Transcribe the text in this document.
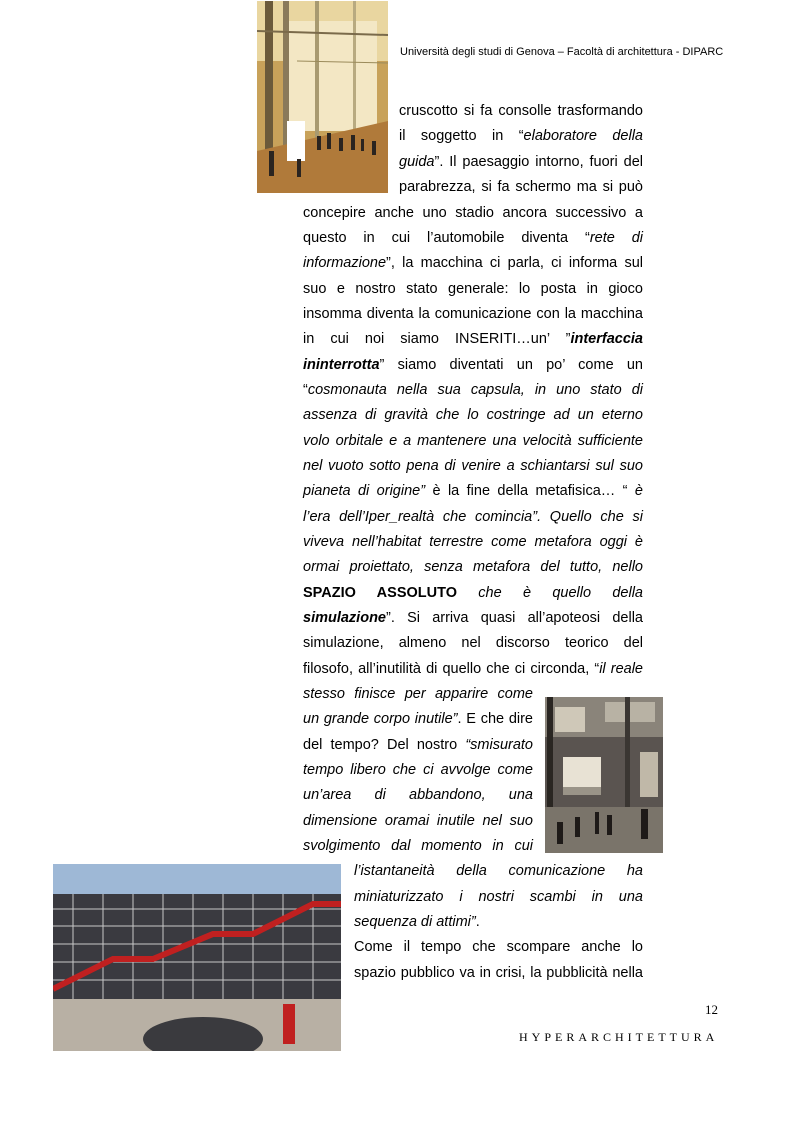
Università degli studi di Genova – Facoltà di architettura - DIPARC
cruscotto si fa consolle trasformando
il soggetto in “elaboratore della
guida”. Il paesaggio intorno, fuori del
parabrezza, si fa schermo ma si può
concepire anche uno stadio ancora successivo a
questo in cui l’automobile diventa “rete di
informazione”, la macchina ci parla, ci informa sul
suo e nostro stato generale: lo posta in gioco
insomma diventa la comunicazione con la macchina
in cui noi siamo INSERITI…un’ ”interfaccia
ininterrotta” siamo diventati un po’ come un
“cosmonauta nella sua capsula, in uno stato di
assenza di gravità che lo costringe ad un eterno
volo orbitale e a mantenere una velocità sufficiente
nel vuoto sotto pena di venire a schiantarsi sul suo
pianeta di origine” è la fine della metafisica… “ è
l’era dell’Iper_realtà che comincia”. Quello che si
viveva nell’habitat terrestre come metafora oggi è
ormai proiettato, senza metafora del tutto, nello
SPAZIO ASSOLUTO che è quello della
simulazione”. Si arriva quasi all’apoteosi della
simulazione, almeno nel discorso teorico del
filosofo, all’inutilità di quello che ci circonda, “il reale
stesso finisce per apparire come
un grande corpo inutile”. E che dire
del tempo? Del nostro “smisurato
tempo libero che ci avvolge come
un’area di abbandono, una
dimensione oramai inutile nel suo
svolgimento dal momento in cui
l’istantaneità della comunicazione ha
miniaturizzato i nostri scambi in una
sequenza di attimi”.
Come il tempo che scompare anche lo
spazio pubblico va in crisi, la pubblicità nella
12
HYPERARCHITETTURA
